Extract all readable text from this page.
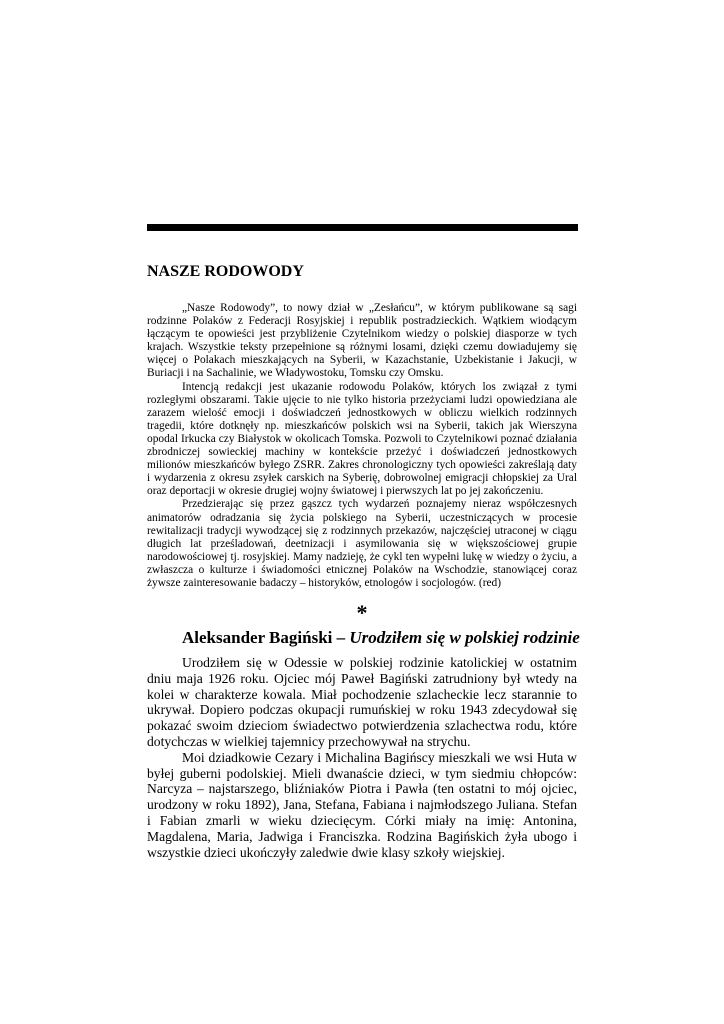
NASZE RODOWODY

„Nasze Rodowody”, to nowy dział w „Zesłańcu”, w którym publikowane są sagi rodzinne Polaków z Federacji Rosyjskiej i republik postradzieckich. Wątkiem wiodącym łączącym te opowieści jest przybliżenie Czytelnikom wiedzy o polskiej diasporze w tych krajach. Wszystkie teksty przepełnione są różnymi losami, dzięki czemu dowiadujemy się więcej o Polakach mieszkających na Syberii, w Kazachstanie, Uzbekistanie i Jakucji, w Buriacji i na Sachalinie, we Władywostoku, Tomsku czy Omsku.

Intencją redakcji jest ukazanie rodowodu Polaków, których los związał z tymi rozległymi obszarami. Takie ujęcie to nie tylko historia przeżyciami ludzi opowiedziana ale zarazem wielość emocji i doświadczeń jednostkowych w obliczu wielkich rodzinnych tragedii, które dotknęły np. mieszkańców polskich wsi na Syberii, takich jak Wierszyna opodal Irkucka czy Białystok w okolicach Tomska. Pozwoli to Czytelnikowi poznać działania zbrodniczej sowieckiej machiny w kontekście przeżyć i doświadczeń jednostkowych milionów mieszkańców byłego ZSRR. Zakres chronologiczny tych opowieści zakreślają daty i wydarzenia z okresu zsyłek carskich na Syberię, dobrowolnej emigracji chłopskiej za Ural oraz deportacji w okresie drugiej wojny światowej i pierwszych lat po jej zakończeniu.

Przedzierając się przez gąszcz tych wydarzeń poznajemy nieraz współczesnych animatorów odradzania się życia polskiego na Syberii, uczestniczących w procesie rewitalizacji tradycji wywodzącej się z rodzinnych przekazów, najczęściej utraconej w ciągu długich lat prześladowań, deetnizacji i asymilowania się w większościowej grupie narodowościowej tj. rosyjskiej. Mamy nadzieję, że cykl ten wypełni lukę w wiedzy o życiu, a zwłaszcza o kulturze i świadomości etnicznej Polaków na Wschodzie, stanowiącej coraz żywsze zainteresowanie badaczy – historyków, etnologów i socjologów. (red)

*
Aleksander Bagiński – Urodziłem się w polskiej rodzinie

Urodziłem się w Odessie w polskiej rodzinie katolickiej w ostatnim dniu maja 1926 roku. Ojciec mój Paweł Bagiński zatrudniony był wtedy na kolei w charakterze kowala. Miał pochodzenie szlacheckie lecz starannie to ukrywał. Dopiero podczas okupacji rumuńskiej w roku 1943 zdecydował się pokazać swoim dzieciom świadectwo potwierdzenia szlachectwa rodu, które dotychczas w wielkiej tajemnicy przechowywał na strychu.

Moi dziadkowie Cezary i Michalina Bagińscy mieszkali we wsi Huta w byłej guberni podolskiej. Mieli dwanaście dzieci, w tym siedmiu chłopców: Narcyza – najstarszego, bliźniaków Piotra i Pawła (ten ostatni to mój ojciec, urodzony w roku 1892), Jana, Stefana, Fabiana i najmłodszego Juliana. Stefan i Fabian zmarli w wieku dziecięcym. Córki miały na imię: Antonina, Magdalena, Maria, Jadwiga i Franciszka. Rodzina Bagińskich żyła ubogo i wszystkie dzieci ukończyły zaledwie dwie klasy szkoły wiejskiej.
